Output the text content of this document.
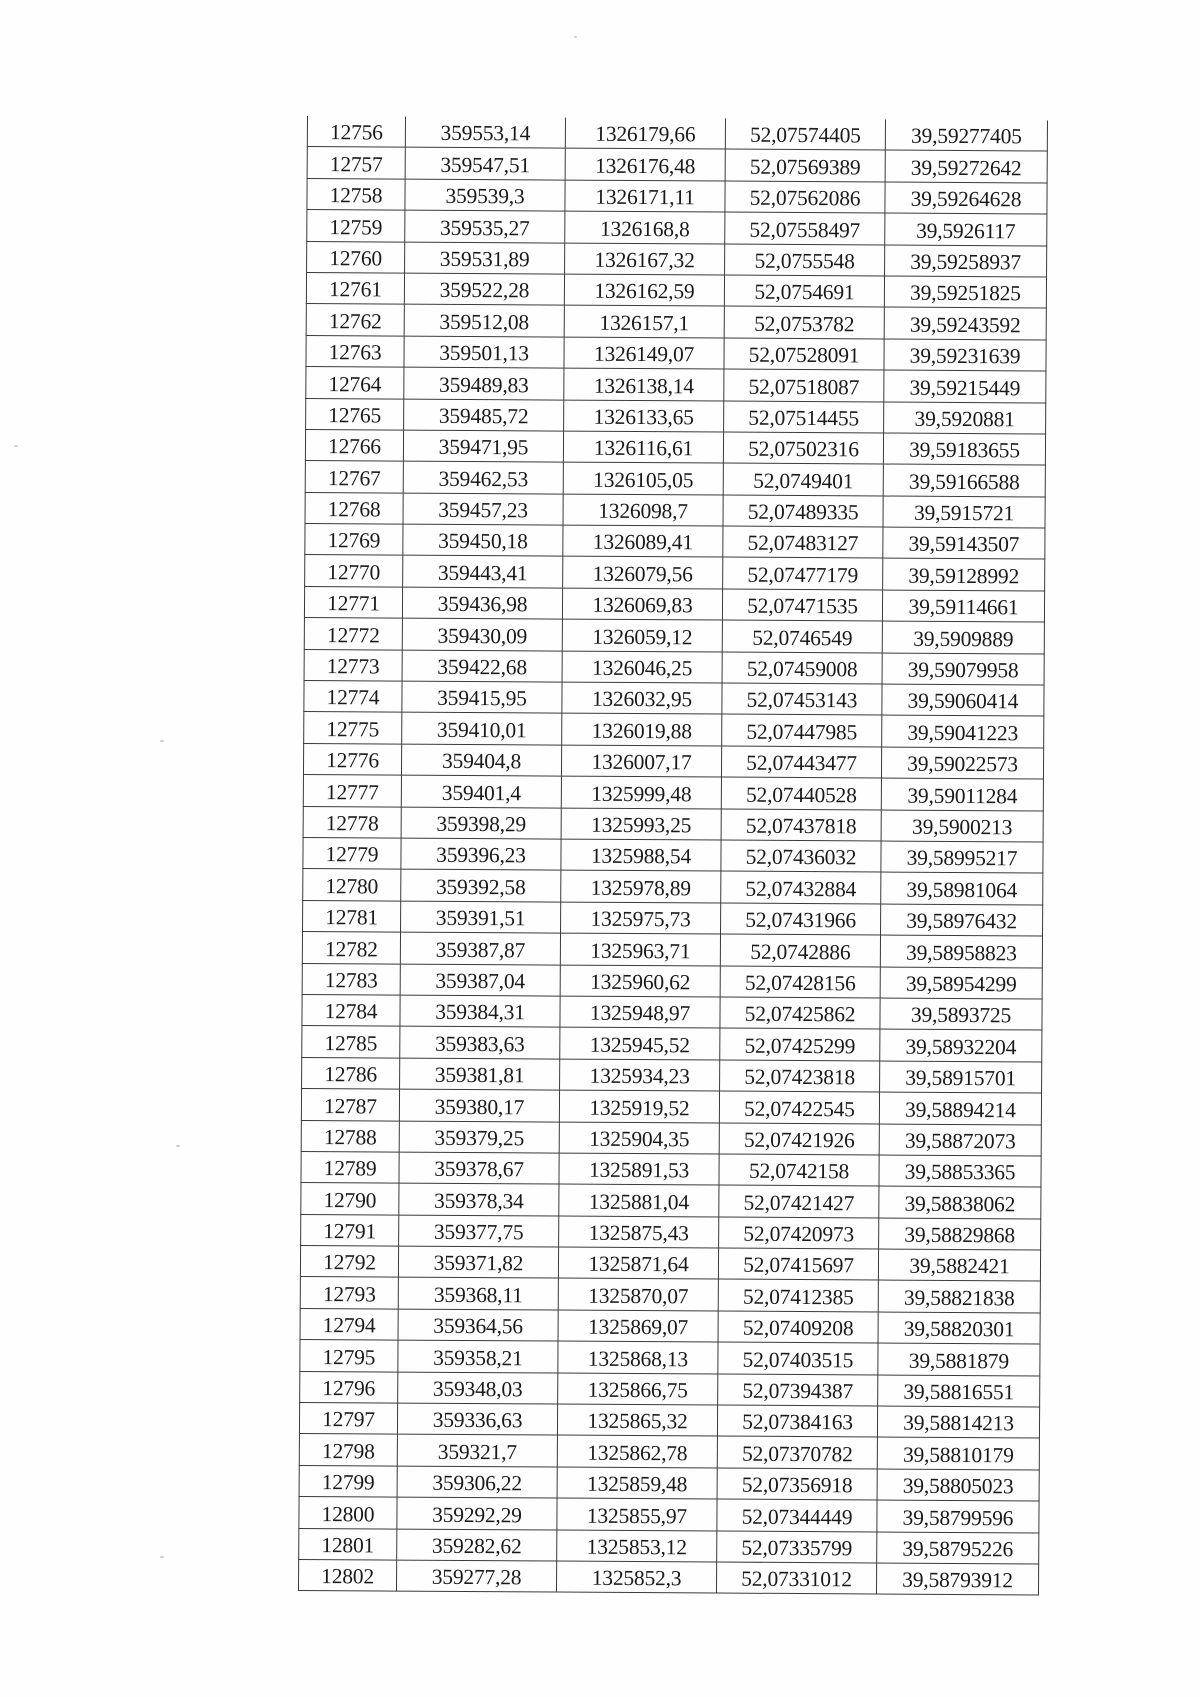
12756	359553,14	1326179,66	52,07574405	39,59277405
12757	359547,51	1326176,48	52,07569389	39,59272642
12758	359539,3	1326171,11	52,07562086	39,59264628
12759	359535,27	1326168,8	52,07558497	39,5926117
12760	359531,89	1326167,32	52,0755548	39,59258937
12761	359522,28	1326162,59	52,0754691	39,59251825
12762	359512,08	1326157,1	52,0753782	39,59243592
12763	359501,13	1326149,07	52,07528091	39,59231639
12764	359489,83	1326138,14	52,07518087	39,59215449
12765	359485,72	1326133,65	52,07514455	39,5920881
12766	359471,95	1326116,61	52,07502316	39,59183655
12767	359462,53	1326105,05	52,0749401	39,59166588
12768	359457,23	1326098,7	52,07489335	39,5915721
12769	359450,18	1326089,41	52,07483127	39,59143507
12770	359443,41	1326079,56	52,07477179	39,59128992
12771	359436,98	1326069,83	52,07471535	39,59114661
12772	359430,09	1326059,12	52,0746549	39,5909889
12773	359422,68	1326046,25	52,07459008	39,59079958
12774	359415,95	1326032,95	52,07453143	39,59060414
12775	359410,01	1326019,88	52,07447985	39,59041223
12776	359404,8	1326007,17	52,07443477	39,59022573
12777	359401,4	1325999,48	52,07440528	39,59011284
12778	359398,29	1325993,25	52,07437818	39,5900213
12779	359396,23	1325988,54	52,07436032	39,58995217
12780	359392,58	1325978,89	52,07432884	39,58981064
12781	359391,51	1325975,73	52,07431966	39,58976432
12782	359387,87	1325963,71	52,0742886	39,58958823
12783	359387,04	1325960,62	52,07428156	39,58954299
12784	359384,31	1325948,97	52,07425862	39,5893725
12785	359383,63	1325945,52	52,07425299	39,58932204
12786	359381,81	1325934,23	52,07423818	39,58915701
12787	359380,17	1325919,52	52,07422545	39,58894214
12788	359379,25	1325904,35	52,07421926	39,58872073
12789	359378,67	1325891,53	52,0742158	39,58853365
12790	359378,34	1325881,04	52,07421427	39,58838062
12791	359377,75	1325875,43	52,07420973	39,58829868
12792	359371,82	1325871,64	52,07415697	39,5882421
12793	359368,11	1325870,07	52,07412385	39,58821838
12794	359364,56	1325869,07	52,07409208	39,58820301
12795	359358,21	1325868,13	52,07403515	39,5881879
12796	359348,03	1325866,75	52,07394387	39,58816551
12797	359336,63	1325865,32	52,07384163	39,58814213
12798	359321,7	1325862,78	52,07370782	39,58810179
12799	359306,22	1325859,48	52,07356918	39,58805023
12800	359292,29	1325855,97	52,07344449	39,58799596
12801	359282,62	1325853,12	52,07335799	39,58795226
12802	359277,28	1325852,3	52,07331012	39,58793912
